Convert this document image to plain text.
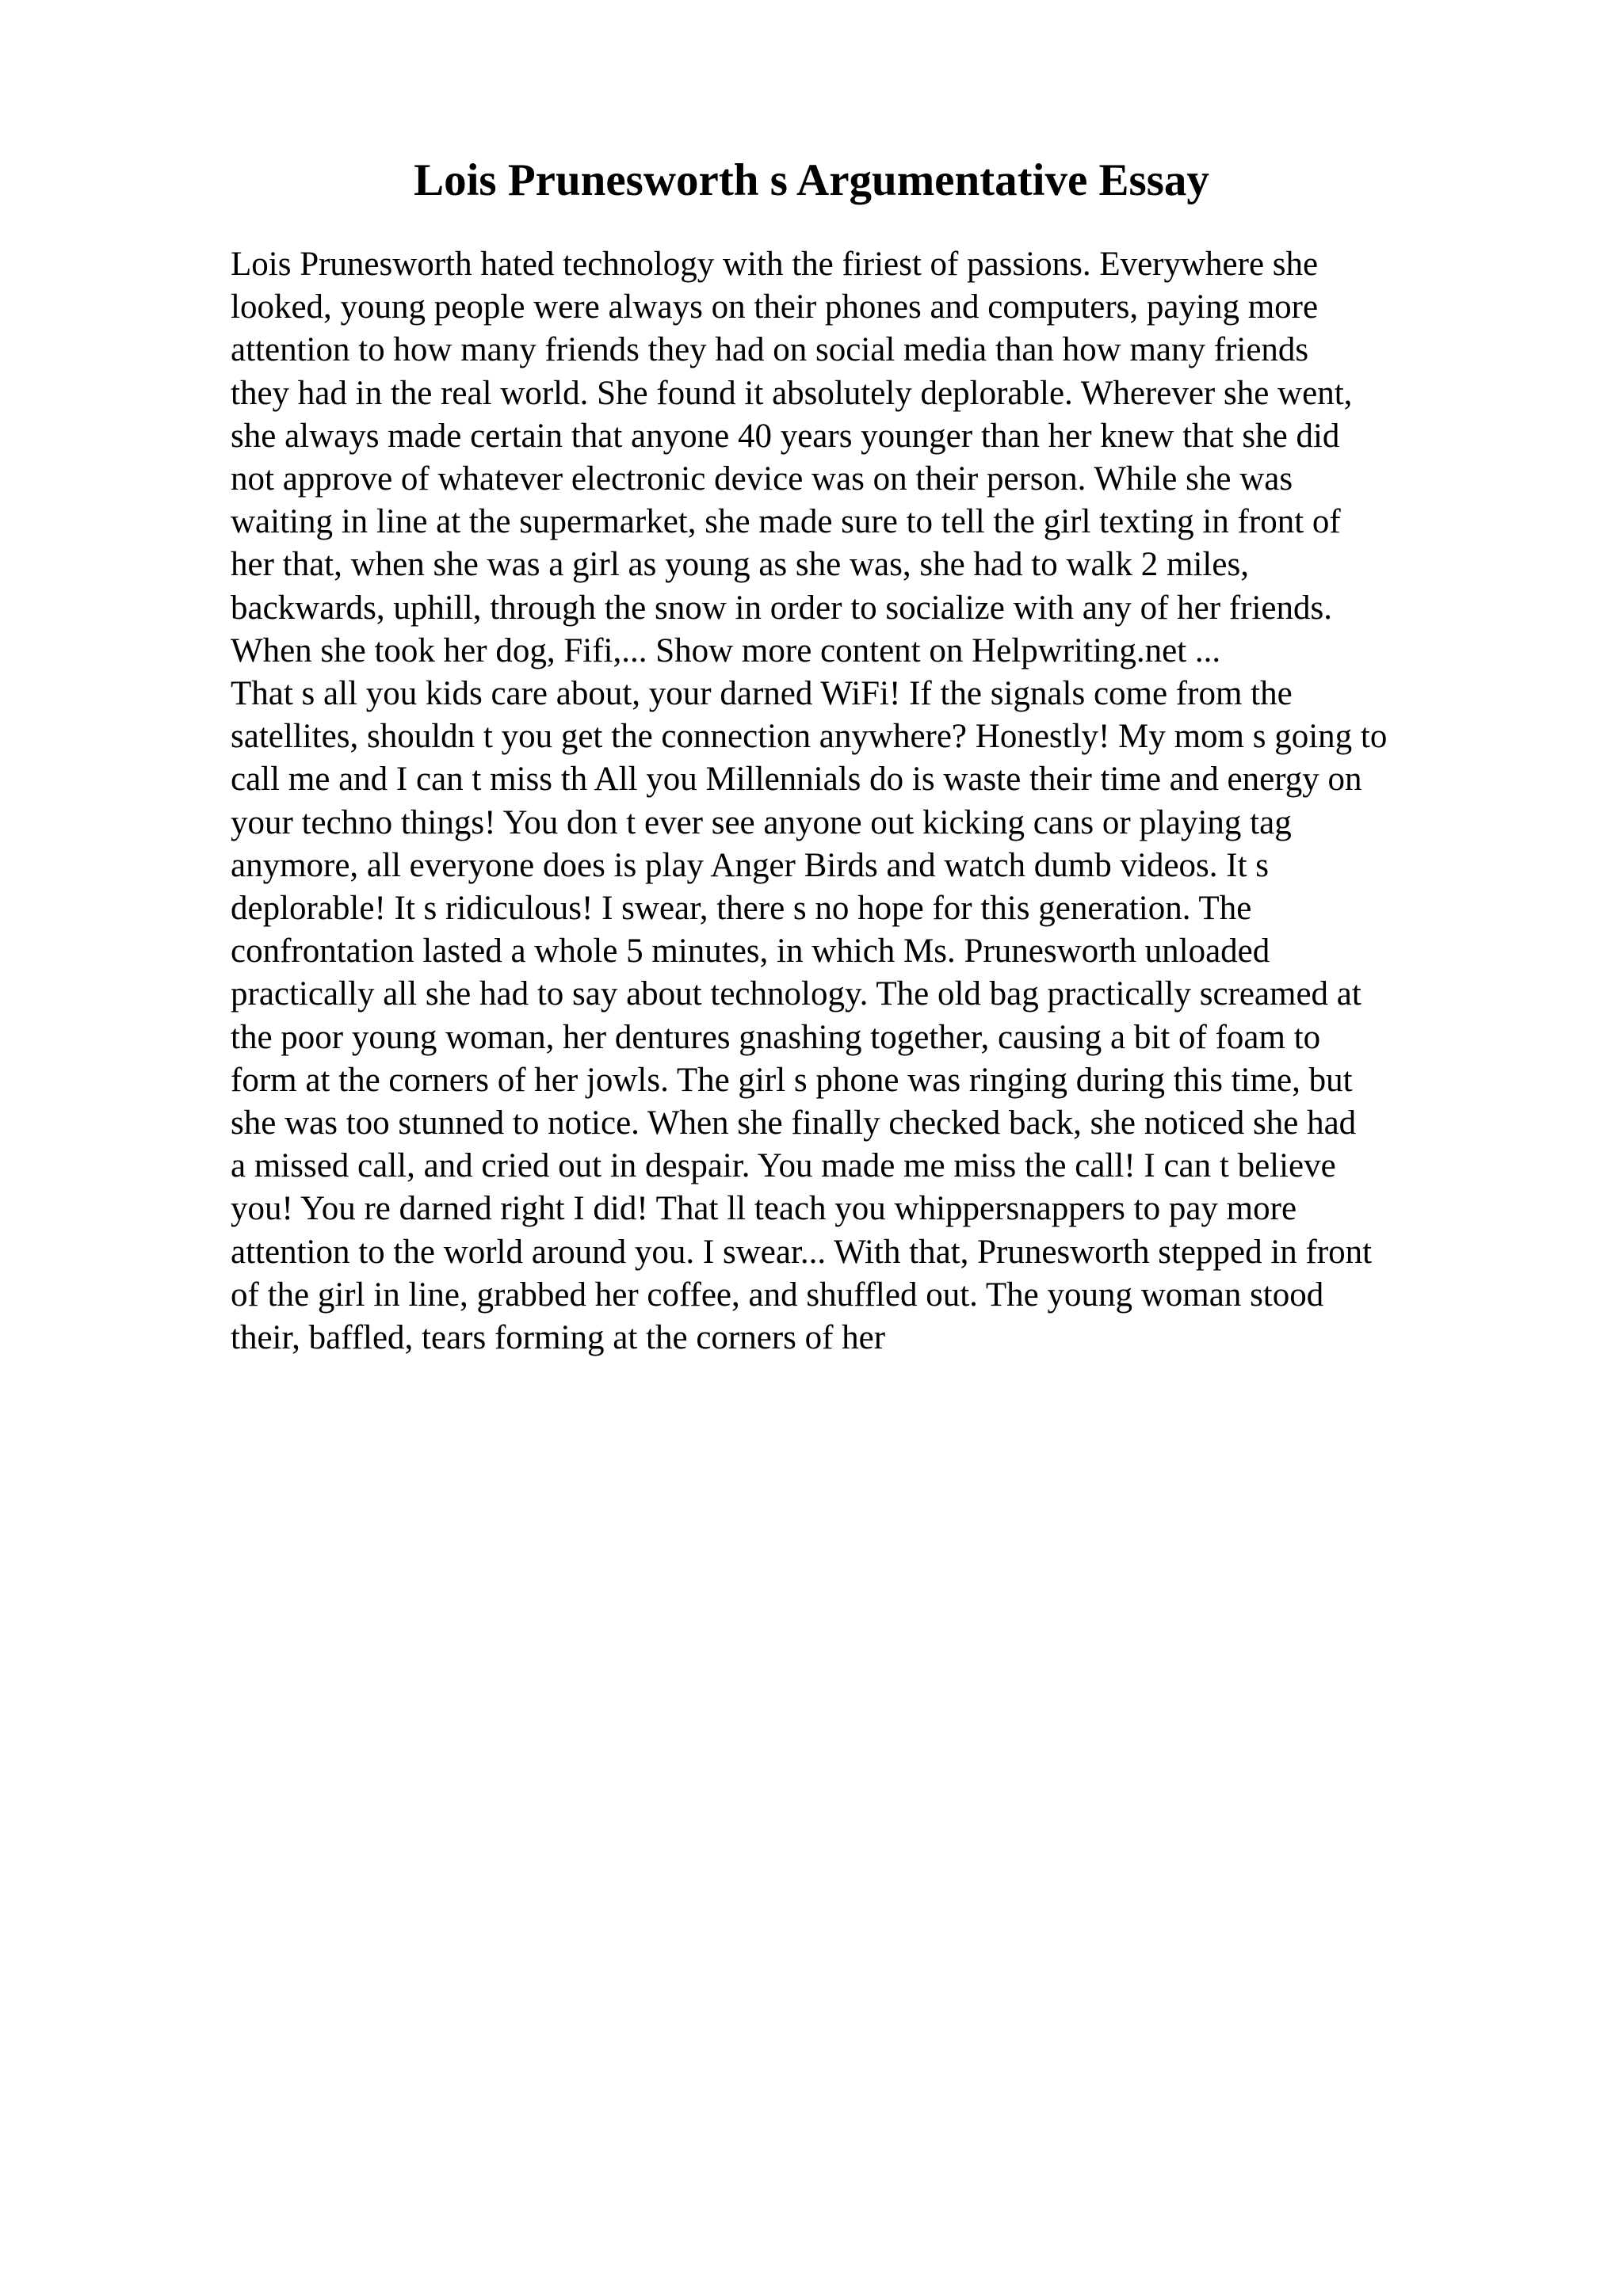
Lois Prunesworth s Argumentative Essay
Lois Prunesworth hated technology with the firiest of passions. Everywhere she
looked, young people were always on their phones and computers, paying more
attention to how many friends they had on social media than how many friends
they had in the real world. She found it absolutely deplorable. Wherever she went,
she always made certain that anyone 40 years younger than her knew that she did
not approve of whatever electronic device was on their person. While she was
waiting in line at the supermarket, she made sure to tell the girl texting in front of
her that, when she was a girl as young as she was, she had to walk 2 miles,
backwards, uphill, through the snow in order to socialize with any of her friends.
When she took her dog, Fifi,... Show more content on Helpwriting.net ...
That s all you kids care about, your darned WiFi! If the signals come from the
satellites, shouldn t you get the connection anywhere? Honestly! My mom s going to
call me and I can t miss th All you Millennials do is waste their time and energy on
your techno things! You don t ever see anyone out kicking cans or playing tag
anymore, all everyone does is play Anger Birds and watch dumb videos. It s
deplorable! It s ridiculous! I swear, there s no hope for this generation. The
confrontation lasted a whole 5 minutes, in which Ms. Prunesworth unloaded
practically all she had to say about technology. The old bag practically screamed at
the poor young woman, her dentures gnashing together, causing a bit of foam to
form at the corners of her jowls. The girl s phone was ringing during this time, but
she was too stunned to notice. When she finally checked back, she noticed she had
a missed call, and cried out in despair. You made me miss the call! I can t believe
you! You re darned right I did! That ll teach you whippersnappers to pay more
attention to the world around you. I swear... With that, Prunesworth stepped in front
of the girl in line, grabbed her coffee, and shuffled out. The young woman stood
their, baffled, tears forming at the corners of her
